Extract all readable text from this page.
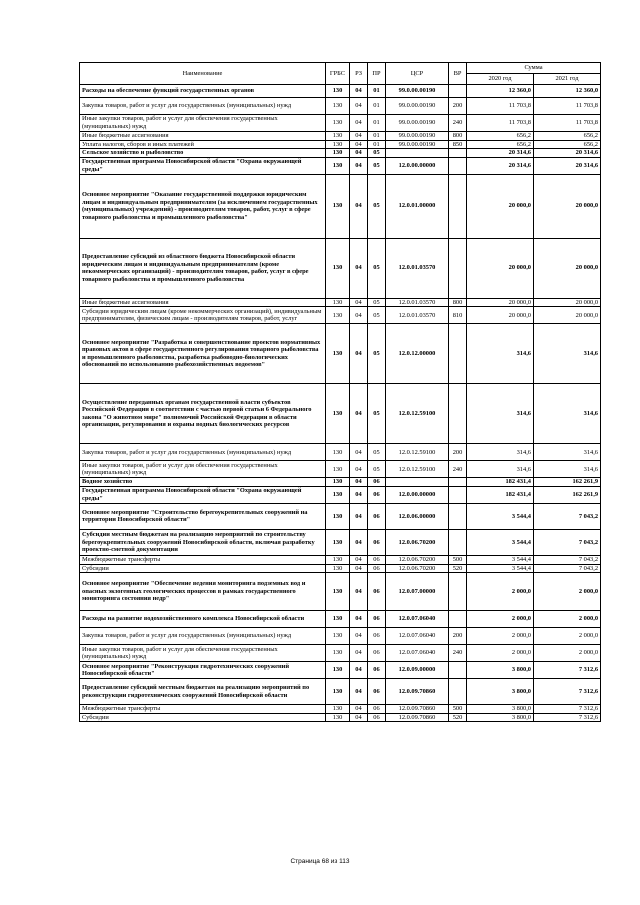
Наименование	ГРБС	РЗ	ПР	ЦСР	ВР	Сумма	
						2020 год	2021 год
Расходы на обеспечение функций государственных органов	130	04	01	99.0.00.00190		12 360,0	12 360,0
Закупка товаров, работ и услуг для государственных (муниципальных) нужд	130	04	01	99.0.00.00190	200	11 703,8	11 703,8
Иные закупки товаров, работ и услуг для обеспечения государственных (муниципальных) нужд	130	04	01	99.0.00.00190	240	11 703,8	11 703,8
Иные бюджетные ассигнования	130	04	01	99.0.00.00190	800	656,2	656,2
Уплата налогов, сборов и иных платежей	130	04	01	99.0.00.00190	850	656,2	656,2
Сельское хозяйство и рыболовство	130	04	05			20 314,6	20 314,6
Государственная программа Новосибирской области "Охрана окружающей среды"	130	04	05	12.0.00.00000		20 314,6	20 314,6
Основное мероприятие "Оказание государственной поддержки юридическим лицам и индивидуальным предпринимателям (за исключением государственных (муниципальных) учреждений) - производителям товаров, работ, услуг в сфере товарного рыболовства и промышленного рыболовства"	130	04	05	12.0.01.00000		20 000,0	20 000,0
Предоставление субсидий из областного бюджета Новосибирской области юридическим лицам и индивидуальным предпринимателям (кроме некоммерческих организаций) - производителям товаров, работ, услуг в сфере товарного рыболовства и промышленного рыболовства	130	04	05	12.0.01.03570		20 000,0	20 000,0
Иные бюджетные ассигнования	130	04	05	12.0.01.03570	800	20 000,0	20 000,0
Субсидии юридическим лицам (кроме некоммерческих организаций), индивидуальным предпринимателям, физическим лицам - производителям товаров, работ, услуг	130	04	05	12.0.01.03570	810	20 000,0	20 000,0
Основное мероприятие "Разработка и совершенствование проектов нормативных правовых актов в сфере государственного регулирования товарного рыболовства и промышленного рыболовства, разработка рыбоводно-биологических обоснований по использованию рыбохозяйственных водоемов"	130	04	05	12.0.12.00000		314,6	314,6
Осуществление переданных органам государственной власти субъектов Российской Федерации в соответствии с частью первой статьи 6 Федерального закона "О животном мире" полномочий Российской Федерации в области организации, регулирования и охраны водных биологических ресурсов	130	04	05	12.0.12.59100		314,6	314,6
Закупка товаров, работ и услуг для государственных (муниципальных) нужд	130	04	05	12.0.12.59100	200	314,6	314,6
Иные закупки товаров, работ и услуг для обеспечения государственных (муниципальных) нужд	130	04	05	12.0.12.59100	240	314,6	314,6
Водное хозяйство	130	04	06			182 431,4	162 261,9
Государственная программа Новосибирской области "Охрана окружающей среды"	130	04	06	12.0.00.00000		182 431,4	162 261,9
Основное мероприятие "Строительство берегоукрепительных сооружений на территории Новосибирской области"	130	04	06	12.0.06.00000		3 544,4	7 043,2
Субсидии местным бюджетам на реализацию мероприятий по строительству берегоукрепительных сооружений Новосибирской области, включая разработку проектно-сметной документации	130	04	06	12.0.06.70200		3 544,4	7 043,2
Межбюджетные трансферты	130	04	06	12.0.06.70200	500	3 544,4	7 043,2
Субсидии	130	04	06	12.0.06.70200	520	3 544,4	7 043,2
Основное мероприятие "Обеспечение ведения мониторинга подземных вод и опасных экзогенных геологических процессов в рамках государственного мониторинга состояния недр"	130	04	06	12.0.07.00000		2 000,0	2 000,0
Расходы на развитие водохозяйственного комплекса Новосибирской области	130	04	06	12.0.07.06040		2 000,0	2 000,0
Закупка товаров, работ и услуг для государственных (муниципальных) нужд	130	04	06	12.0.07.06040	200	2 000,0	2 000,0
Иные закупки товаров, работ и услуг для обеспечения государственных (муниципальных) нужд	130	04	06	12.0.07.06040	240	2 000,0	2 000,0
Основное мероприятие "Реконструкция гидротехнических сооружений Новосибирской области"	130	04	06	12.0.09.00000		3 800,0	7 312,6
Предоставление субсидий местным бюджетам на реализацию мероприятий по реконструкции гидротехнических сооружений Новосибирской области	130	04	06	12.0.09.70860		3 800,0	7 312,6
Межбюджетные трансферты	130	04	06	12.0.09.70860	500	3 800,0	7 312,6
Субсидии	130	04	06	12.0.09.70860	520	3 800,0	7 312,6
Страница 68 из 113
